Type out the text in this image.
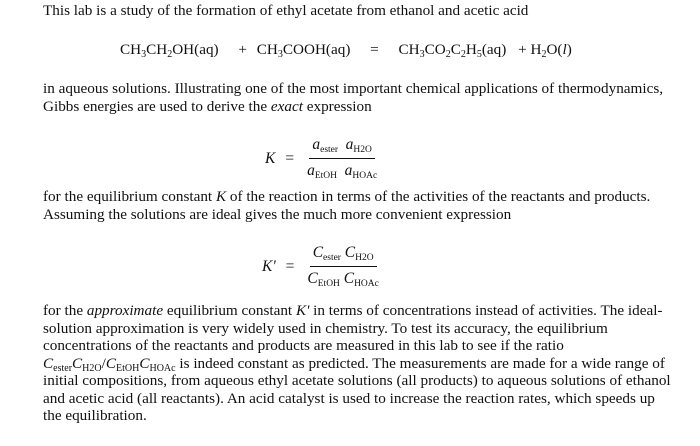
This lab is a study of the formation of ethyl acetate from ethanol and acetic acid
$CH_3CH_2OH(aq)$ + $CH_3COOH(aq) = CH_3CO_2C_2H_5(aq) + H_2O(l)$
in aqueous solutions. Illustrating one of the most important chemical applications of thermodynamics, Gibbs energies are used to derive the exact expression
$K = \frac{\text{aester aH2O}}{\text{aEtOH aHOAc}}$
for the equilibrium constant K of the reaction in terms of the activities of the reactants and products. Assuming the solutions are ideal gives the much more convenient expression
$K' = \frac{\text{Cester CH2O}}{\text{CEtOH CHOAc}}$
for the approximate equilibrium constant K' in terms of concentrations instead of activities. The ideal-solution approximation is very widely used in chemistry. To test its accuracy, the equilibrium concentrations of the reactants and products are measured in this lab to see if the ratio CesterCH2O/CEtOHCHOAc is indeed constant as predicted. The measurements are made for a wide range of initial compositions, from aqueous ethyl acetate solutions (all products) to aqueous solutions of ethanol and acetic acid (all reactants). An acid catalyst is used to increase the reaction rates, which speeds up the equilibration.
